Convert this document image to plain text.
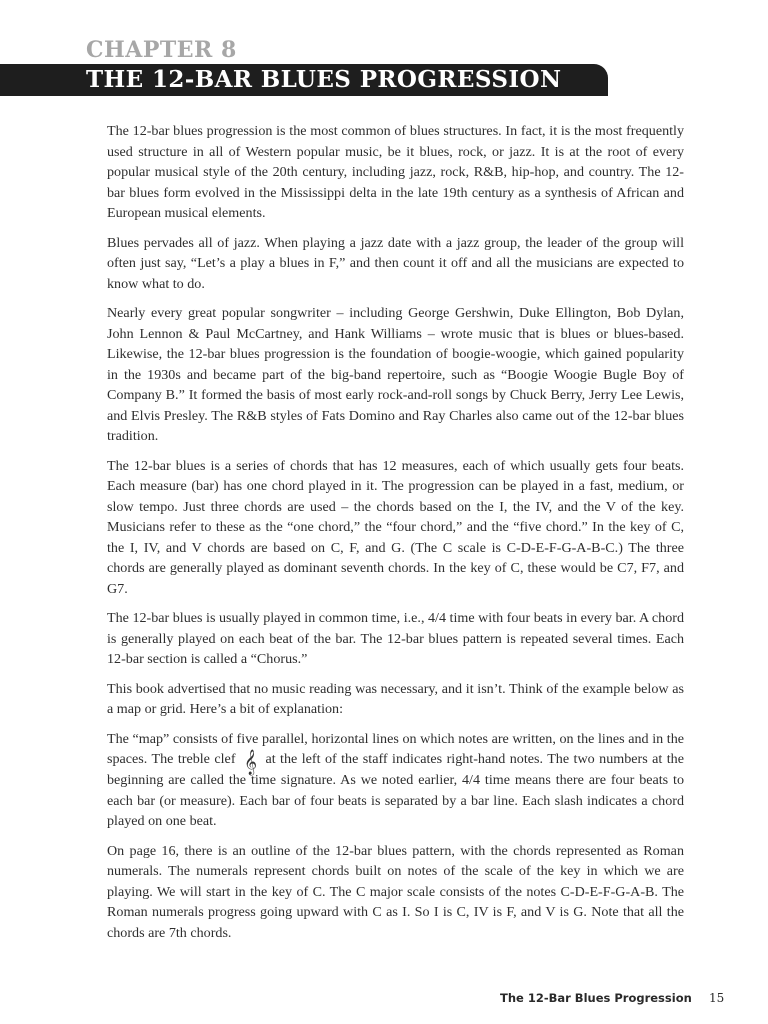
CHAPTER 8
THE 12-BAR BLUES PROGRESSION

The 12-bar blues progression is the most common of blues structures. In fact, it is the most frequently used structure in all of Western popular music, be it blues, rock, or jazz. It is at the root of every popular musical style of the 20th century, including jazz, rock, R&B, hip-hop, and country. The 12-bar blues form evolved in the Mississippi delta in the late 19th century as a synthesis of African and European musical elements.

Blues pervades all of jazz. When playing a jazz date with a jazz group, the leader of the group will often just say, “Let’s a play a blues in F,” and then count it off and all the musicians are expected to know what to do.

Nearly every great popular songwriter – including George Gershwin, Duke Ellington, Bob Dylan, John Lennon & Paul McCartney, and Hank Williams – wrote music that is blues or blues-based. Likewise, the 12-bar blues progression is the foundation of boogie-woogie, which gained popularity in the 1930s and became part of the big-band repertoire, such as “Boogie Woogie Bugle Boy of Company B.” It formed the basis of most early rock-and-roll songs by Chuck Berry, Jerry Lee Lewis, and Elvis Presley. The R&B styles of Fats Domino and Ray Charles also came out of the 12-bar blues tradition.

The 12-bar blues is a series of chords that has 12 measures, each of which usually gets four beats. Each measure (bar) has one chord played in it. The progression can be played in a fast, medium, or slow tempo. Just three chords are used – the chords based on the I, the IV, and the V of the key. Musicians refer to these as the “one chord,” the “four chord,” and the “five chord.” In the key of C, the I, IV, and V chords are based on C, F, and G. (The C scale is C-D-E-F-G-A-B-C.) The three chords are generally played as dominant seventh chords. In the key of C, these would be C7, F7, and G7.

The 12-bar blues is usually played in common time, i.e., 4/4 time with four beats in every bar. A chord is generally played on each beat of the bar. The 12-bar blues pattern is repeated several times. Each 12-bar section is called a “Chorus.”

This book advertised that no music reading was necessary, and it isn’t. Think of the example below as a map or grid. Here’s a bit of explanation:

The “map” consists of five parallel, horizontal lines on which notes are written, on the lines and in the spaces. The treble clef 𝄞 at the left of the staff indicates right-hand notes. The two numbers at the beginning are called the time signature. As we noted earlier, 4/4 time means there are four beats to each bar (or measure). Each bar of four beats is separated by a bar line. Each slash indicates a chord played on one beat.

On page 16, there is an outline of the 12-bar blues pattern, with the chords represented as Roman numerals. The numerals represent chords built on notes of the scale of the key in which we are playing. We will start in the key of C. The C major scale consists of the notes C-D-E-F-G-A-B. The Roman numerals progress going upward with C as I. So I is C, IV is F, and V is G. Note that all the chords are 7th chords.

The 12-Bar Blues Progression 15
